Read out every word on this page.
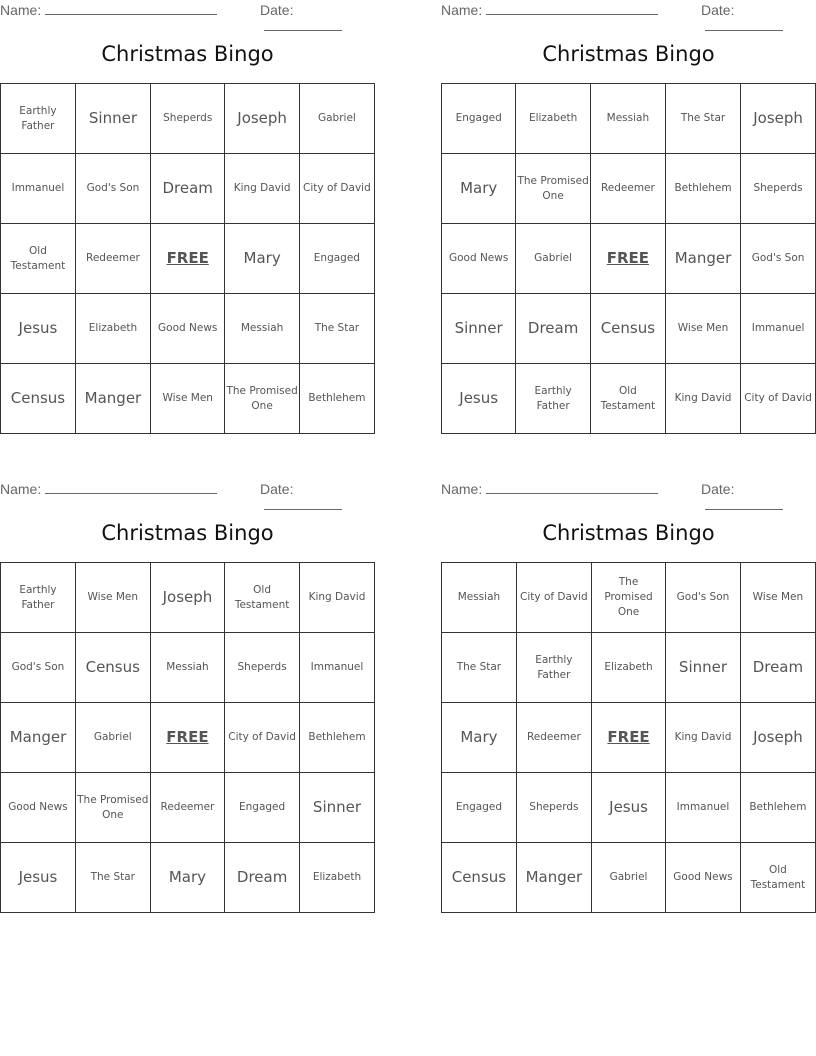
Name:	Date:
Christmas Bingo
Earthly Father	Sinner	Sheperds	Joseph	Gabriel
Immanuel	God's Son	Dream	King David	City of David
Old Testament	Redeemer	FREE	Mary	Engaged
Jesus	Elizabeth	Good News	Messiah	The Star
Census	Manger	Wise Men	The Promised One	Bethlehem
Name:	Date:
Christmas Bingo
Engaged	Elizabeth	Messiah	The Star	Joseph
Mary	The Promised One	Redeemer	Bethlehem	Sheperds
Good News	Gabriel	FREE	Manger	God's Son
Sinner	Dream	Census	Wise Men	Immanuel
Jesus	Earthly Father	Old Testament	King David	City of David
Name:	Date:
Christmas Bingo
Earthly Father	Wise Men	Joseph	Old Testament	King David
God's Son	Census	Messiah	Sheperds	Immanuel
Manger	Gabriel	FREE	City of David	Bethlehem
Good News	The Promised One	Redeemer	Engaged	Sinner
Jesus	The Star	Mary	Dream	Elizabeth
Name:	Date:
Christmas Bingo
Messiah	City of David	The Promised One	God's Son	Wise Men
The Star	Earthly Father	Elizabeth	Sinner	Dream
Mary	Redeemer	FREE	King David	Joseph
Engaged	Sheperds	Jesus	Immanuel	Bethlehem
Census	Manger	Gabriel	Good News	Old Testament
